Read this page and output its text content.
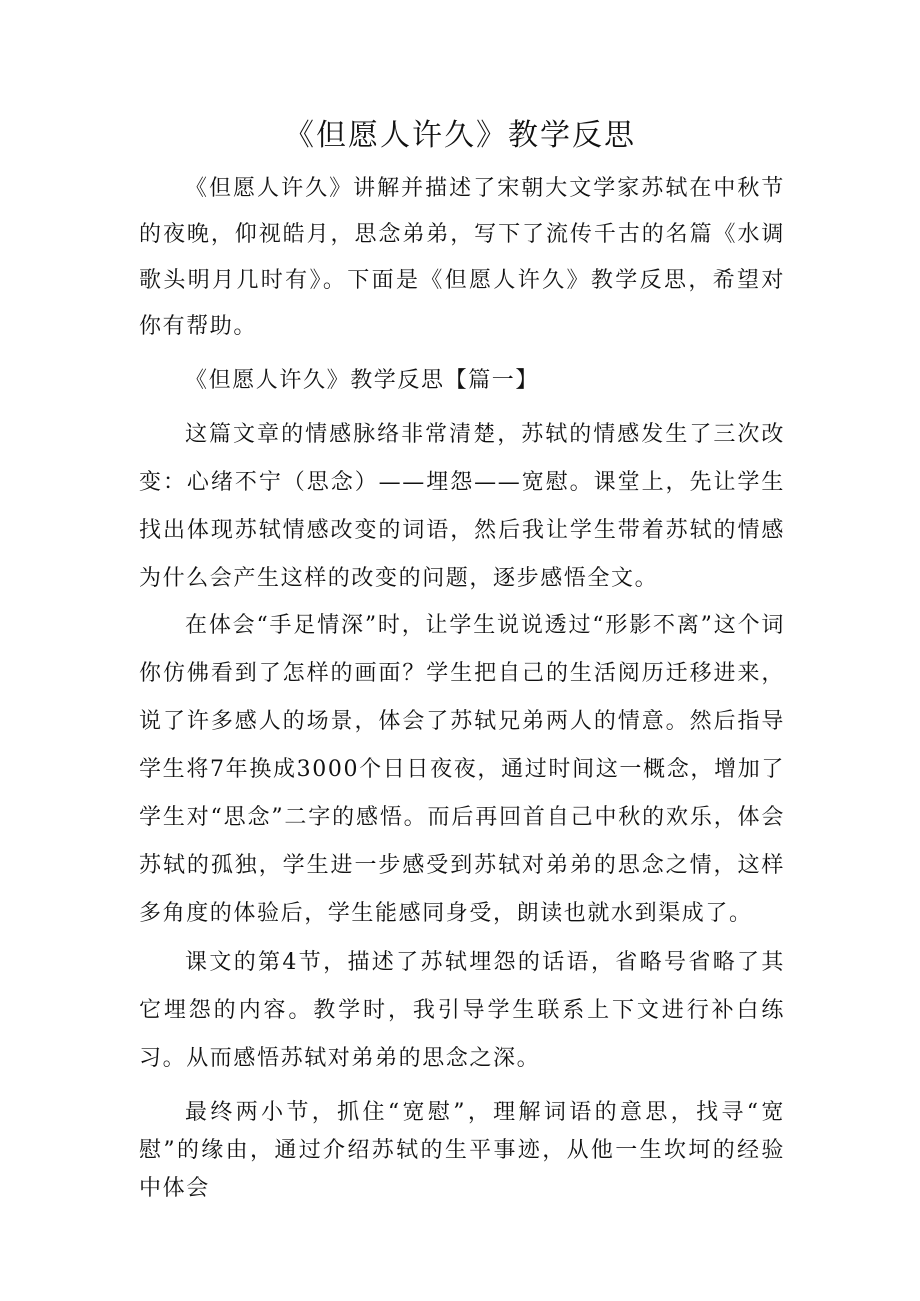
《但愿人许久》教学反思

《但愿人许久》讲解并描述了宋朝大文学家苏轼在中秋节的夜晚，仰视皓月，思念弟弟，写下了流传千古的名篇《水调歌头明月几时有》。下面是《但愿人许久》教学反思，希望对你有帮助。

《但愿人许久》教学反思【篇一】

这篇文章的情感脉络非常清楚，苏轼的情感发生了三次改变：心绪不宁（思念）——埋怨——宽慰。课堂上，先让学生找出体现苏轼情感改变的词语，然后我让学生带着苏轼的情感为什么会产生这样的改变的问题，逐步感悟全文。

在体会“手足情深”时，让学生说说透过“形影不离”这个词你仿佛看到了怎样的画面？学生把自己的生活阅历迁移进来，说了许多感人的场景，体会了苏轼兄弟两人的情意。然后指导学生将7年换成3000个日日夜夜，通过时间这一概念，增加了学生对“思念”二字的感悟。而后再回首自己中秋的欢乐，体会苏轼的孤独，学生进一步感受到苏轼对弟弟的思念之情，这样多角度的体验后，学生能感同身受，朗读也就水到渠成了。

课文的第4节，描述了苏轼埋怨的话语，省略号省略了其它埋怨的内容。教学时，我引导学生联系上下文进行补白练习。从而感悟苏轼对弟弟的思念之深。

最终两小节，抓住“宽慰”，理解词语的意思，找寻“宽慰”的缘由，通过介绍苏轼的生平事迹，从他一生坎坷的经验中体会
